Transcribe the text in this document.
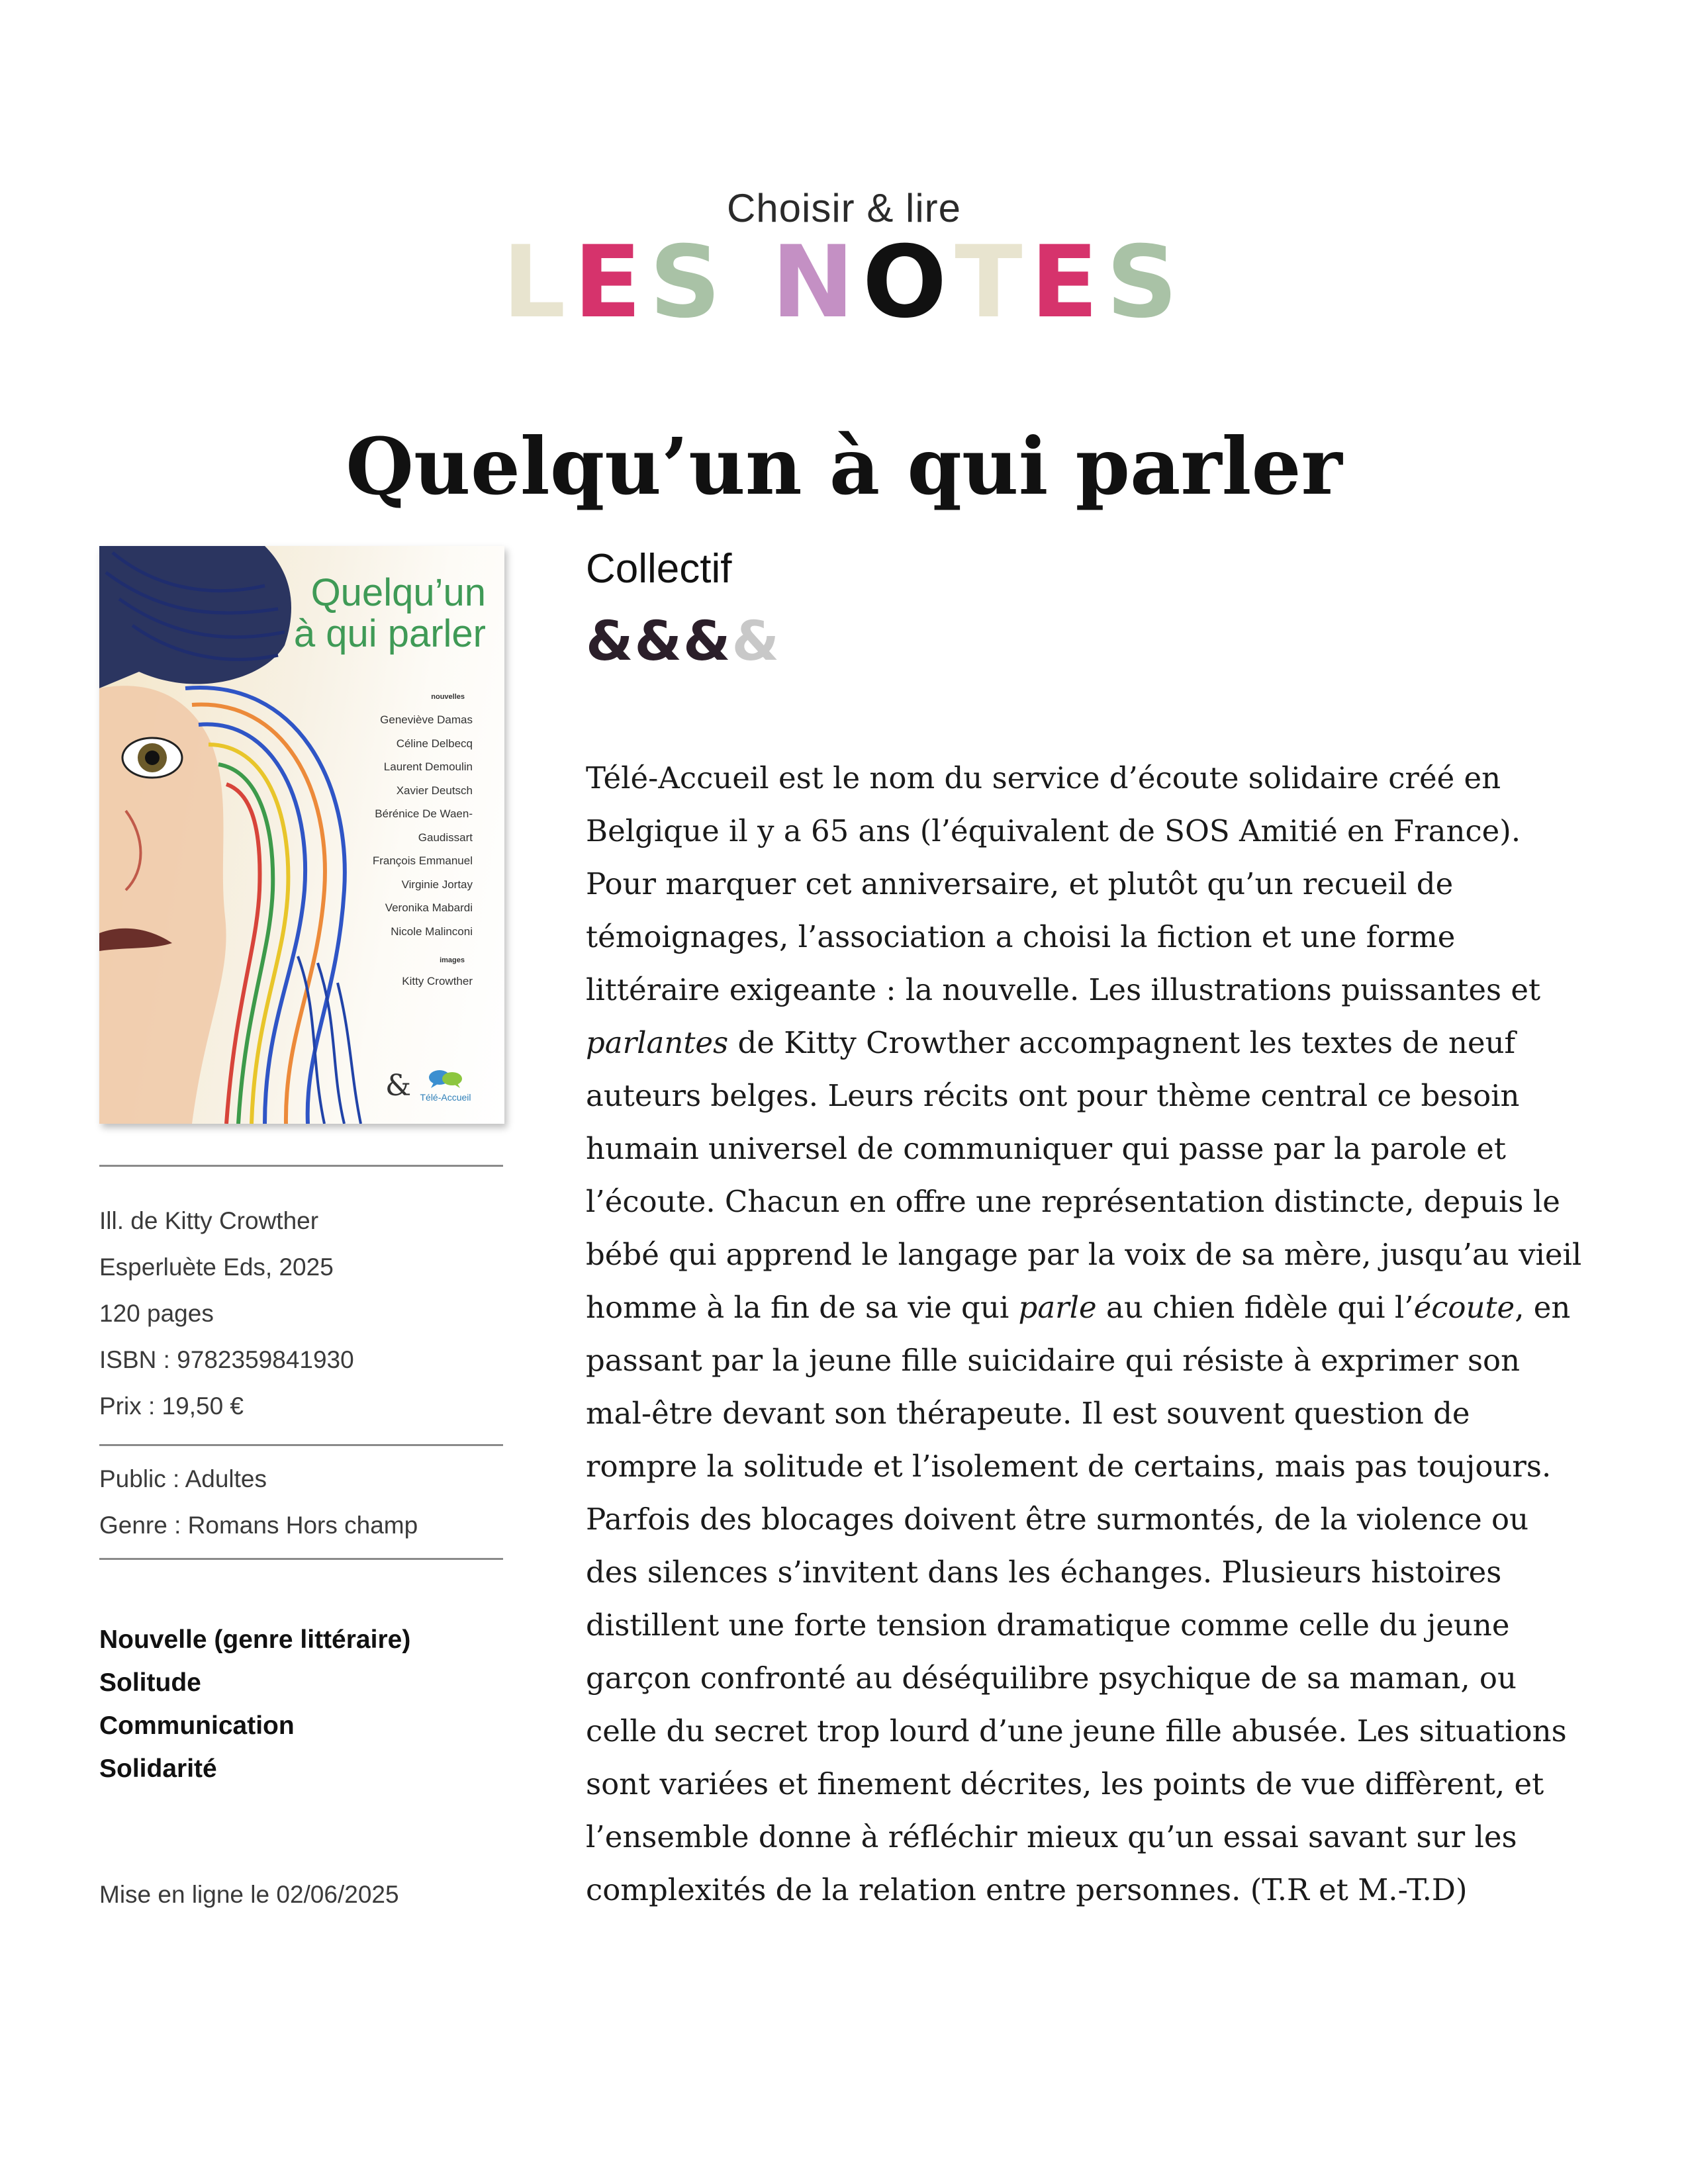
Choisir & lire
LES NOTES
Quelqu’un à qui parler
Quelqu’un
à qui parler
nouvelles
Geneviève Damas
Céline Delbecq
Laurent Demoulin
Xavier Deutsch
Bérénice De Waen-
Gaudissart
François Emmanuel
Virginie Jortay
Veronika Mabardi
Nicole Malinconi
images
Kitty Crowther
& Télé-Accueil
Ill. de Kitty Crowther
Esperluète Eds, 2025
120 pages
ISBN : 9782359841930
Prix : 19,50 €
Public : Adultes
Genre : Romans Hors champ
Nouvelle (genre littéraire)
Solitude
Communication
Solidarité
Mise en ligne le 02/06/2025
Collectif
&&&&
Télé-Accueil est le nom du service d’écoute solidaire créé en
Belgique il y a 65 ans (l’équivalent de SOS Amitié en France).
Pour marquer cet anniversaire, et plutôt qu’un recueil de
témoignages, l’association a choisi la fiction et une forme
littéraire exigeante : la nouvelle. Les illustrations puissantes et
parlantes de Kitty Crowther accompagnent les textes de neuf
auteurs belges. Leurs récits ont pour thème central ce besoin
humain universel de communiquer qui passe par la parole et
l’écoute. Chacun en offre une représentation distincte, depuis le
bébé qui apprend le langage par la voix de sa mère, jusqu’au vieil
homme à la fin de sa vie qui parle au chien fidèle qui l’écoute, en
passant par la jeune fille suicidaire qui résiste à exprimer son
mal-être devant son thérapeute. Il est souvent question de
rompre la solitude et l’isolement de certains, mais pas toujours.
Parfois des blocages doivent être surmontés, de la violence ou
des silences s’invitent dans les échanges. Plusieurs histoires
distillent une forte tension dramatique comme celle du jeune
garçon confronté au déséquilibre psychique de sa maman, ou
celle du secret trop lourd d’une jeune fille abusée. Les situations
sont variées et finement décrites, les points de vue diffèrent, et
l’ensemble donne à réfléchir mieux qu’un essai savant sur les
complexités de la relation entre personnes. (T.R et M.-T.D)
